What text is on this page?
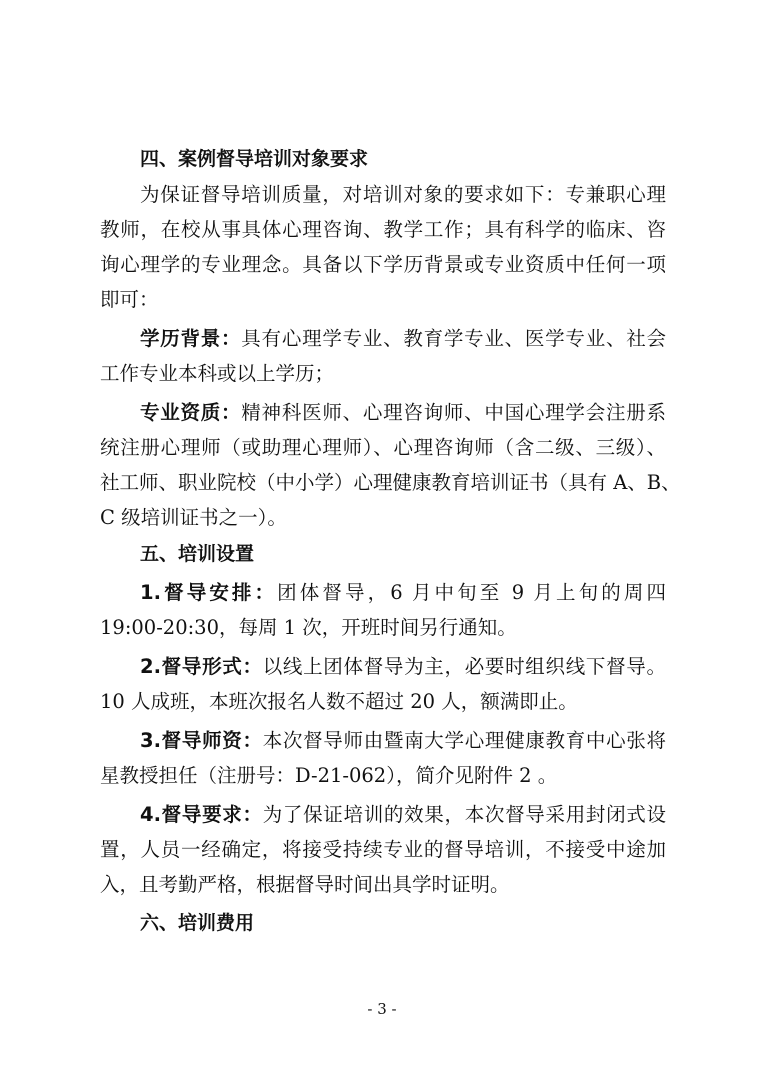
四、案例督导培训对象要求
为保证督导培训质量，对培训对象的要求如下：专兼职心理
教师，在校从事具体心理咨询、教学工作；具有科学的临床、咨
询心理学的专业理念。具备以下学历背景或专业资质中任何一项
即可：
学历背景：具有心理学专业、教育学专业、医学专业、社会
工作专业本科或以上学历；
专业资质：精神科医师、心理咨询师、中国心理学会注册系
统注册心理师（或助理心理师）、心理咨询师（含二级、三级）、
社工师、职业院校（中小学）心理健康教育培训证书（具有 A、B、
C 级培训证书之一）。
五、培训设置
1.督导安排：团体督导，6 月中旬至 9 月上旬的周四
19:00-20:30，每周 1 次，开班时间另行通知。
2.督导形式：以线上团体督导为主，必要时组织线下督导。
10 人成班，本班次报名人数不超过 20 人，额满即止。
3.督导师资：本次督导师由暨南大学心理健康教育中心张将
星教授担任（注册号：D-21-062），简介见附件 2 。
4.督导要求：为了保证培训的效果，本次督导采用封闭式设
置，人员一经确定，将接受持续专业的督导培训，不接受中途加
入，且考勤严格，根据督导时间出具学时证明。
六、培训费用
- 3 -
